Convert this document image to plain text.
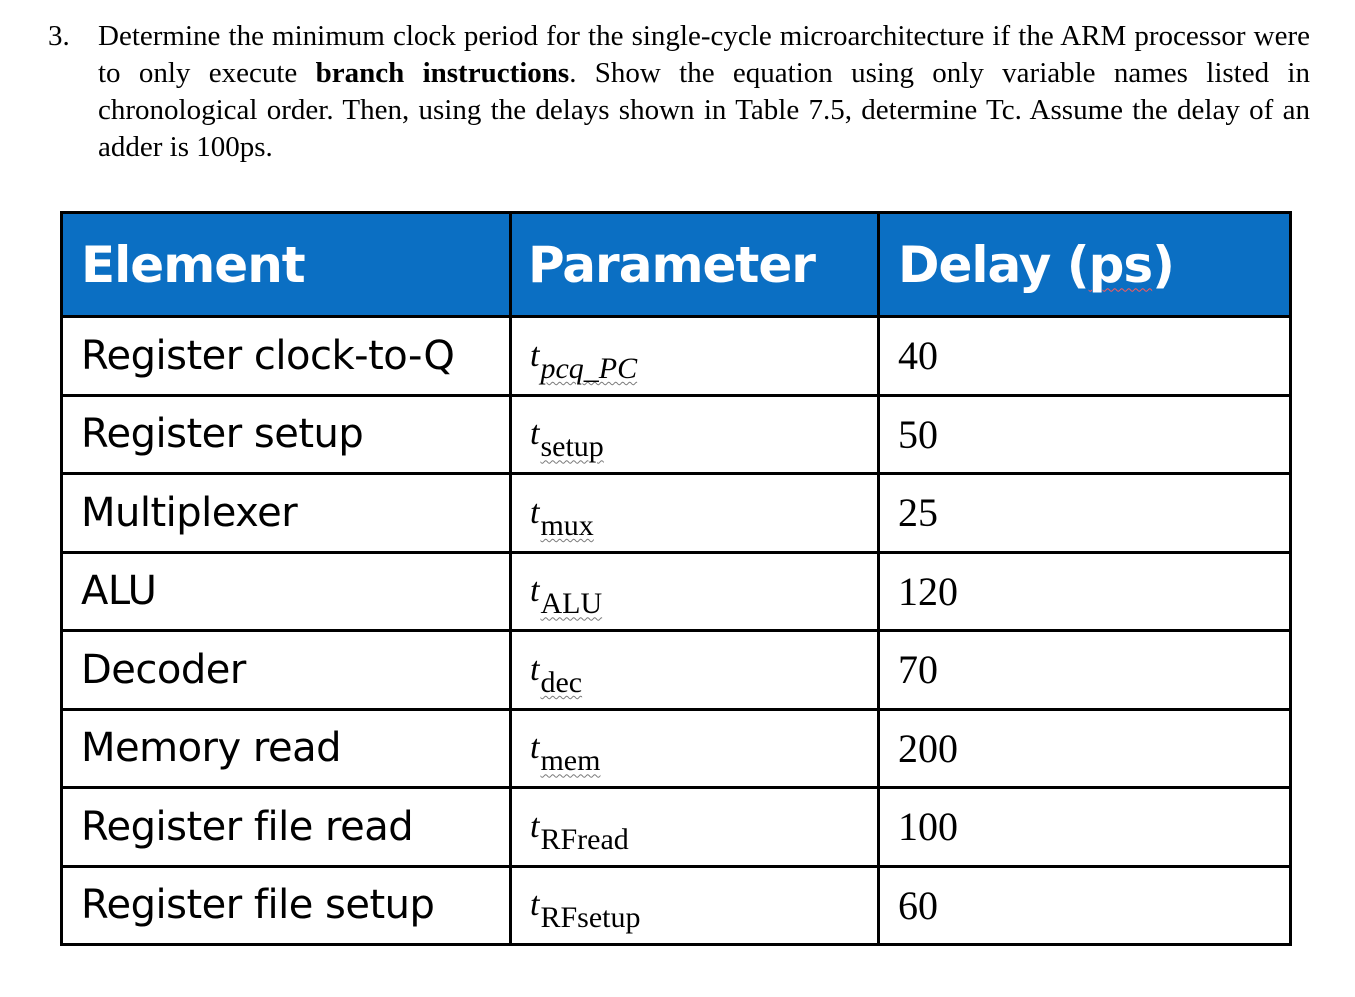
3. Determine the minimum clock period for the single-cycle microarchitecture if the ARM processor were to only execute branch instructions. Show the equation using only variable names listed in chronological order. Then, using the delays shown in Table 7.5, determine Tc. Assume the delay of an adder is 100ps.
Element	Parameter	Delay (ps)
Register clock-to-Q	tpcq_PC	40
Register setup	tsetup	50
Multiplexer	tmux	25
ALU	tALU	120
Decoder	tdec	70
Memory read	tmem	200
Register file read	tRFread	100
Register file setup	tRFsetup	60
